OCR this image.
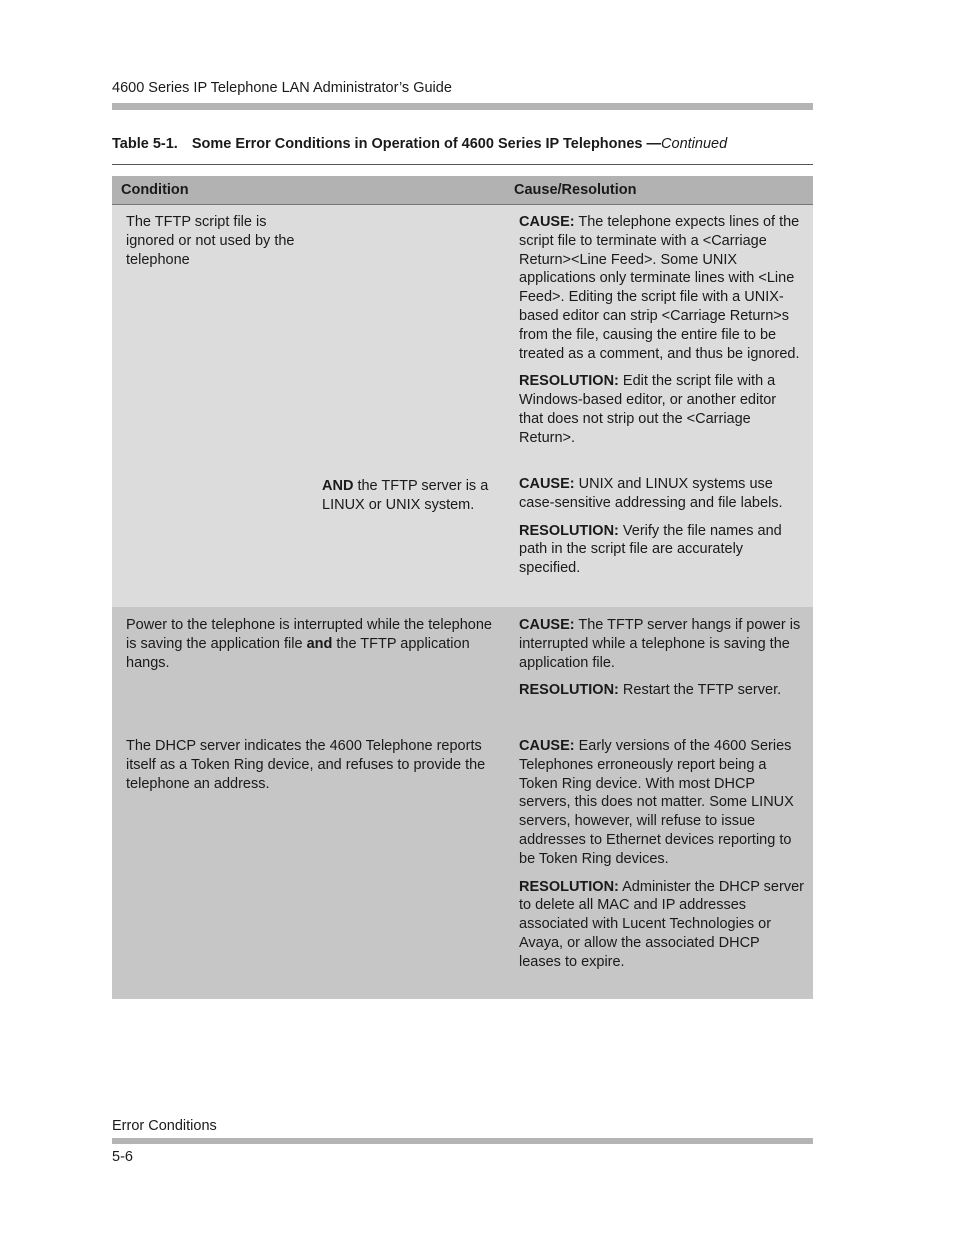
4600 Series IP Telephone LAN Administrator’s Guide
Table 5-1. Some Error Conditions in Operation of 4600 Series IP Telephones —Continued
Condition	Cause/Resolution

The TFTP script file is ignored or not used by the telephone

CAUSE: The telephone expects lines of the script file to terminate with a <Carriage Return><Line Feed>. Some UNIX applications only terminate lines with <Line Feed>. Editing the script file with a UNIX-based editor can strip <Carriage Return>s from the file, causing the entire file to be treated as a comment, and thus be ignored.

RESOLUTION: Edit the script file with a Windows-based editor, or another editor that does not strip out the <Carriage Return>.

AND the TFTP server is a LINUX or UNIX system.

CAUSE: UNIX and LINUX systems use case-sensitive addressing and file labels.

RESOLUTION: Verify the file names and path in the script file are accurately specified.

Power to the telephone is interrupted while the telephone is saving the application file and the TFTP application hangs.

CAUSE: The TFTP server hangs if power is interrupted while a telephone is saving the application file.

RESOLUTION: Restart the TFTP server.

The DHCP server indicates the 4600 Telephone reports itself as a Token Ring device, and refuses to provide the telephone an address.

CAUSE: Early versions of the 4600 Series Telephones erroneously report being a Token Ring device. With most DHCP servers, this does not matter. Some LINUX servers, however, will refuse to issue addresses to Ethernet devices reporting to be Token Ring devices.

RESOLUTION: Administer the DHCP server to delete all MAC and IP addresses associated with Lucent Technologies or Avaya, or allow the associated DHCP leases to expire.

Error Conditions
5-6
